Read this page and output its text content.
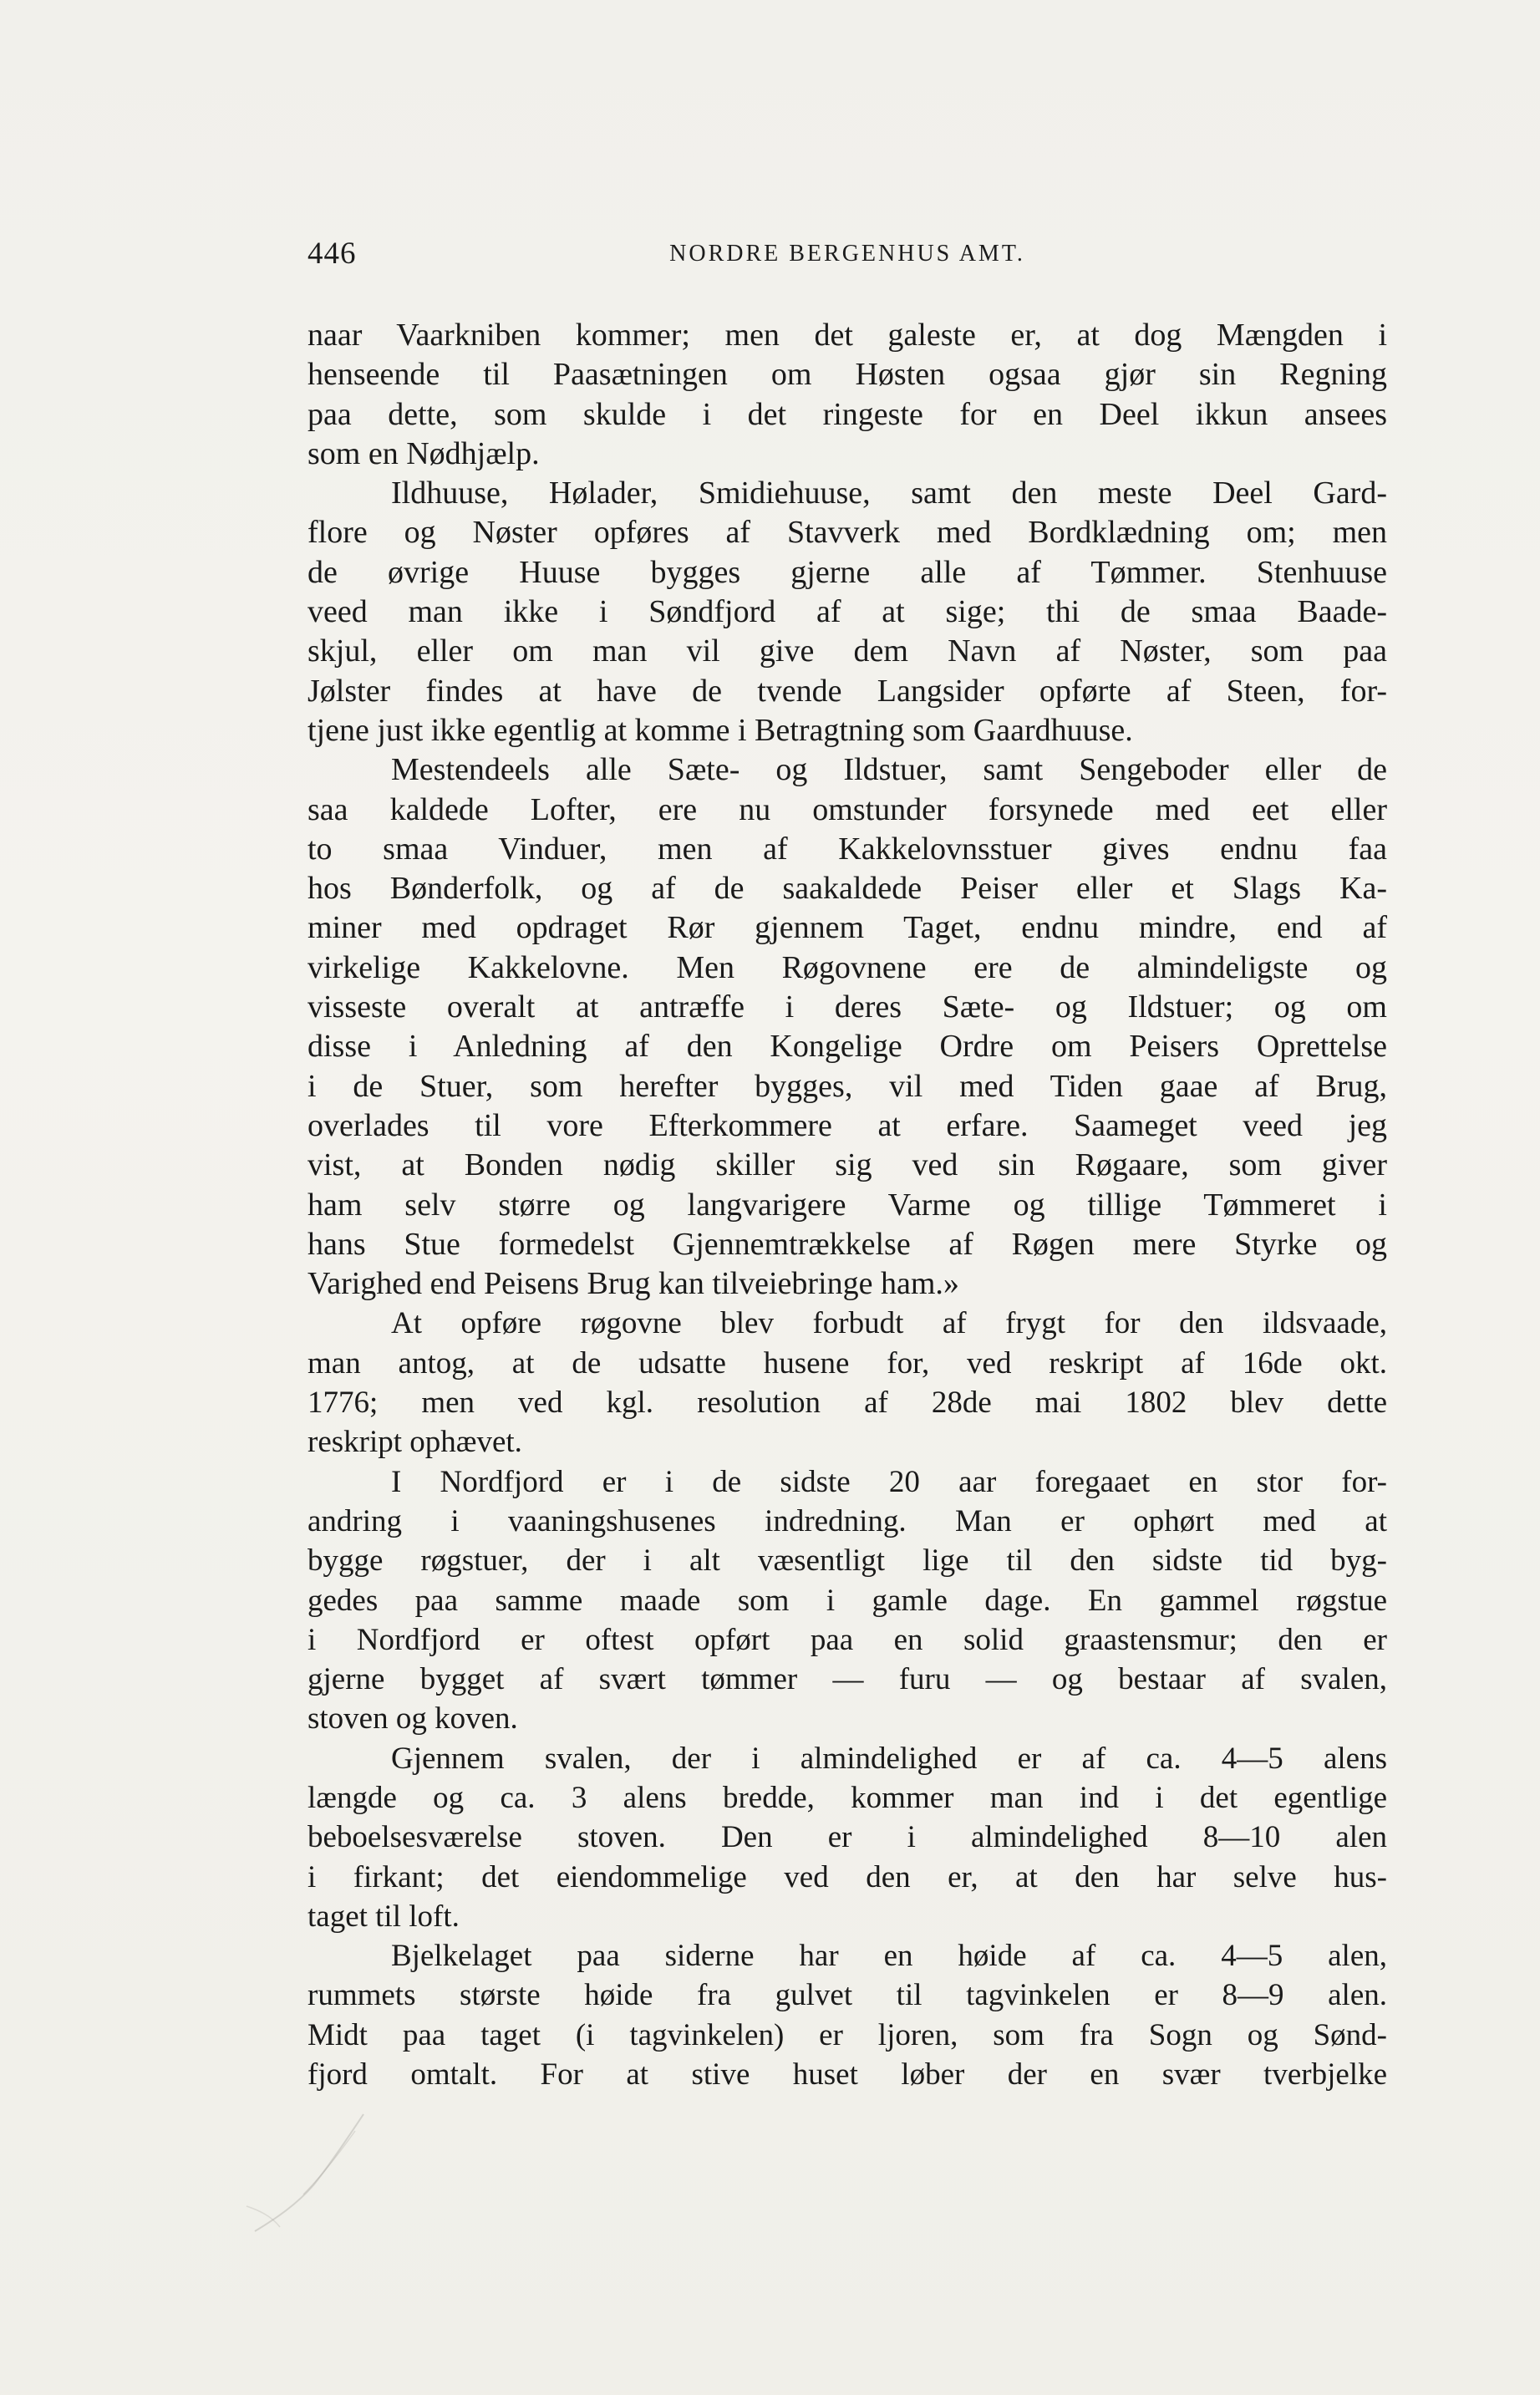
446	NORDRE BERGENHUS AMT.

naar Vaarkniben kommer; men det galeste er, at dog Mængden i

henseende til Paasætningen om Høsten ogsaa gjør sin Regning

paa dette, som skulde i det ringeste for en Deel ikkun ansees

som en Nødhjælp.

Ildhuuse, Hølader, Smidiehuuse, samt den meste Deel Gard-

flore og Nøster opføres af Stavverk med Bordklædning om; men

de øvrige Huuse bygges gjerne alle af Tømmer. Stenhuuse

veed man ikke i Søndfjord af at sige; thi de smaa Baade-

skjul, eller om man vil give dem Navn af Nøster, som paa

Jølster findes at have de tvende Langsider opførte af Steen, for-

tjene just ikke egentlig at komme i Betragtning som Gaardhuuse.

Mestendeels alle Sæte- og Ildstuer, samt Sengeboder eller de

saa kaldede Lofter, ere nu omstunder forsynede med eet eller

to smaa Vinduer, men af Kakkelovnsstuer gives endnu faa

hos Bønderfolk, og af de saakaldede Peiser eller et Slags Ka-

miner med opdraget Rør gjennem Taget, endnu mindre, end af

virkelige Kakkelovne. Men Røgovnene ere de almindeligste og

visseste overalt at antræffe i deres Sæte- og Ildstuer; og om

disse i Anledning af den Kongelige Ordre om Peisers Oprettelse

i de Stuer, som herefter bygges, vil med Tiden gaae af Brug,

overlades til vore Efterkommere at erfare. Saameget veed jeg

vist, at Bonden nødig skiller sig ved sin Røgaare, som giver

ham selv større og langvarigere Varme og tillige Tømmeret i

hans Stue formedelst Gjennemtrækkelse af Røgen mere Styrke og

Varighed end Peisens Brug kan tilveiebringe ham.»

At opføre røgovne blev forbudt af frygt for den ildsvaade,

man antog, at de udsatte husene for, ved reskript af 16de okt.

1776; men ved kgl. resolution af 28de mai 1802 blev dette

reskript ophævet.

I Nordfjord er i de sidste 20 aar foregaaet en stor for-

andring i vaaningshusenes indredning. Man er ophørt med at

bygge røgstuer, der i alt væsentligt lige til den sidste tid byg-

gedes paa samme maade som i gamle dage. En gammel røgstue

i Nordfjord er oftest opført paa en solid graastensmur; den er

gjerne bygget af svært tømmer — furu — og bestaar af svalen,

stoven og koven.

Gjennem svalen, der i almindelighed er af ca. 4—5 alens

længde og ca. 3 alens bredde, kommer man ind i det egentlige

beboelsesværelse stoven. Den er i almindelighed 8—10 alen

i firkant; det eiendommelige ved den er, at den har selve hus-

taget til loft.

Bjelkelaget paa siderne har en høide af ca. 4—5 alen,

rummets største høide fra gulvet til tagvinkelen er 8—9 alen.

Midt paa taget (i tagvinkelen) er ljoren, som fra Sogn og Sønd-

fjord omtalt. For at stive huset løber der en svær tverbjelke
